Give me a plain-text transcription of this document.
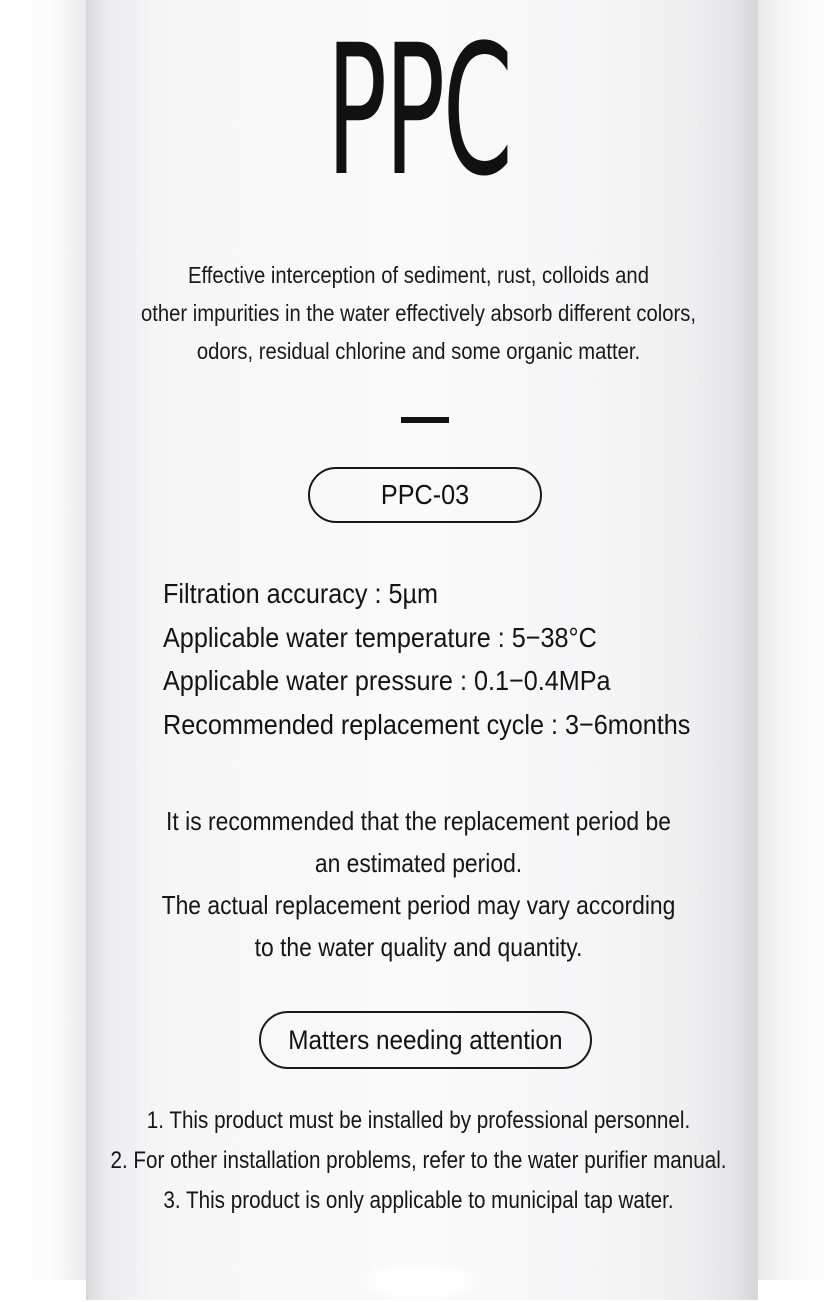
PPC
Effective interception of sediment, rust, colloids and
other impurities in the water effectively absorb different colors,
odors, residual chlorine and some organic matter.
PPC-03
Filtration accuracy : 5µm
Applicable water temperature : 5−38°C
Applicable water pressure : 0.1−0.4MPa
Recommended replacement cycle : 3−6months
It is recommended that the replacement period be
an estimated period.
The actual replacement period may vary according
to the water quality and quantity.
Matters needing attention
1. This product must be installed by professional personnel.
2. For other installation problems, refer to the water purifier manual.
3. This product is only applicable to municipal tap water.
